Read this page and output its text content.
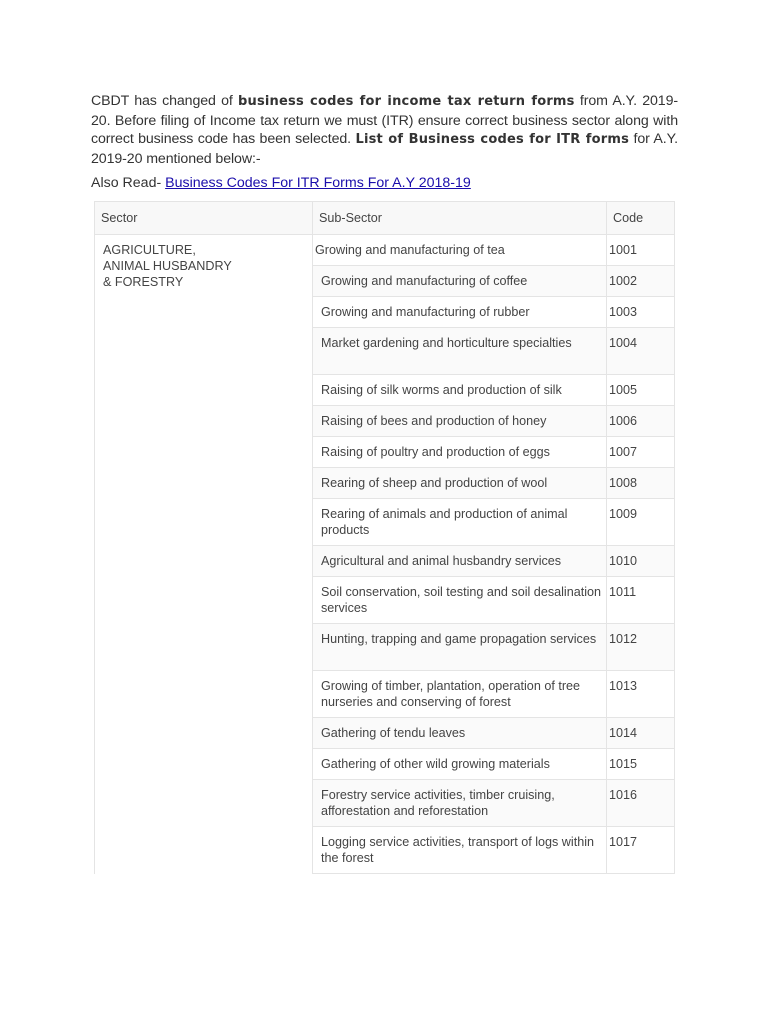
CBDT has changed of business codes for income tax return forms from A.Y. 2019-20. Before filing of Income tax return we must (ITR) ensure correct business sector along with correct business code has been selected. List of Business codes for ITR forms for A.Y. 2019-20 mentioned below:-
Also Read- Business Codes For ITR Forms For A.Y 2018-19
Sector	Sub-Sector	Code

AGRICULTURE,
ANIMAL HUSBANDRY
& FORESTRY	Growing and manufacturing of tea	1001
	Growing and manufacturing of coffee	1002
	Growing and manufacturing of rubber	1003
	Market gardening and horticulture specialties	1004
	Raising of silk worms and production of silk	1005
	Raising of bees and production of honey	1006
	Raising of poultry and production of eggs	1007
	Rearing of sheep and production of wool	1008
	Rearing of animals and production of animal products	1009
	Agricultural and animal husbandry services	1010
	Soil conservation, soil testing and soil desalination services	1011
	Hunting, trapping and game propagation services	1012
	Growing of timber, plantation, operation of tree nurseries and conserving of forest	1013
	Gathering of tendu leaves	1014
	Gathering of other wild growing materials	1015
	Forestry service activities, timber cruising, afforestation and reforestation	1016
	Logging service activities, transport of logs within the forest	1017
